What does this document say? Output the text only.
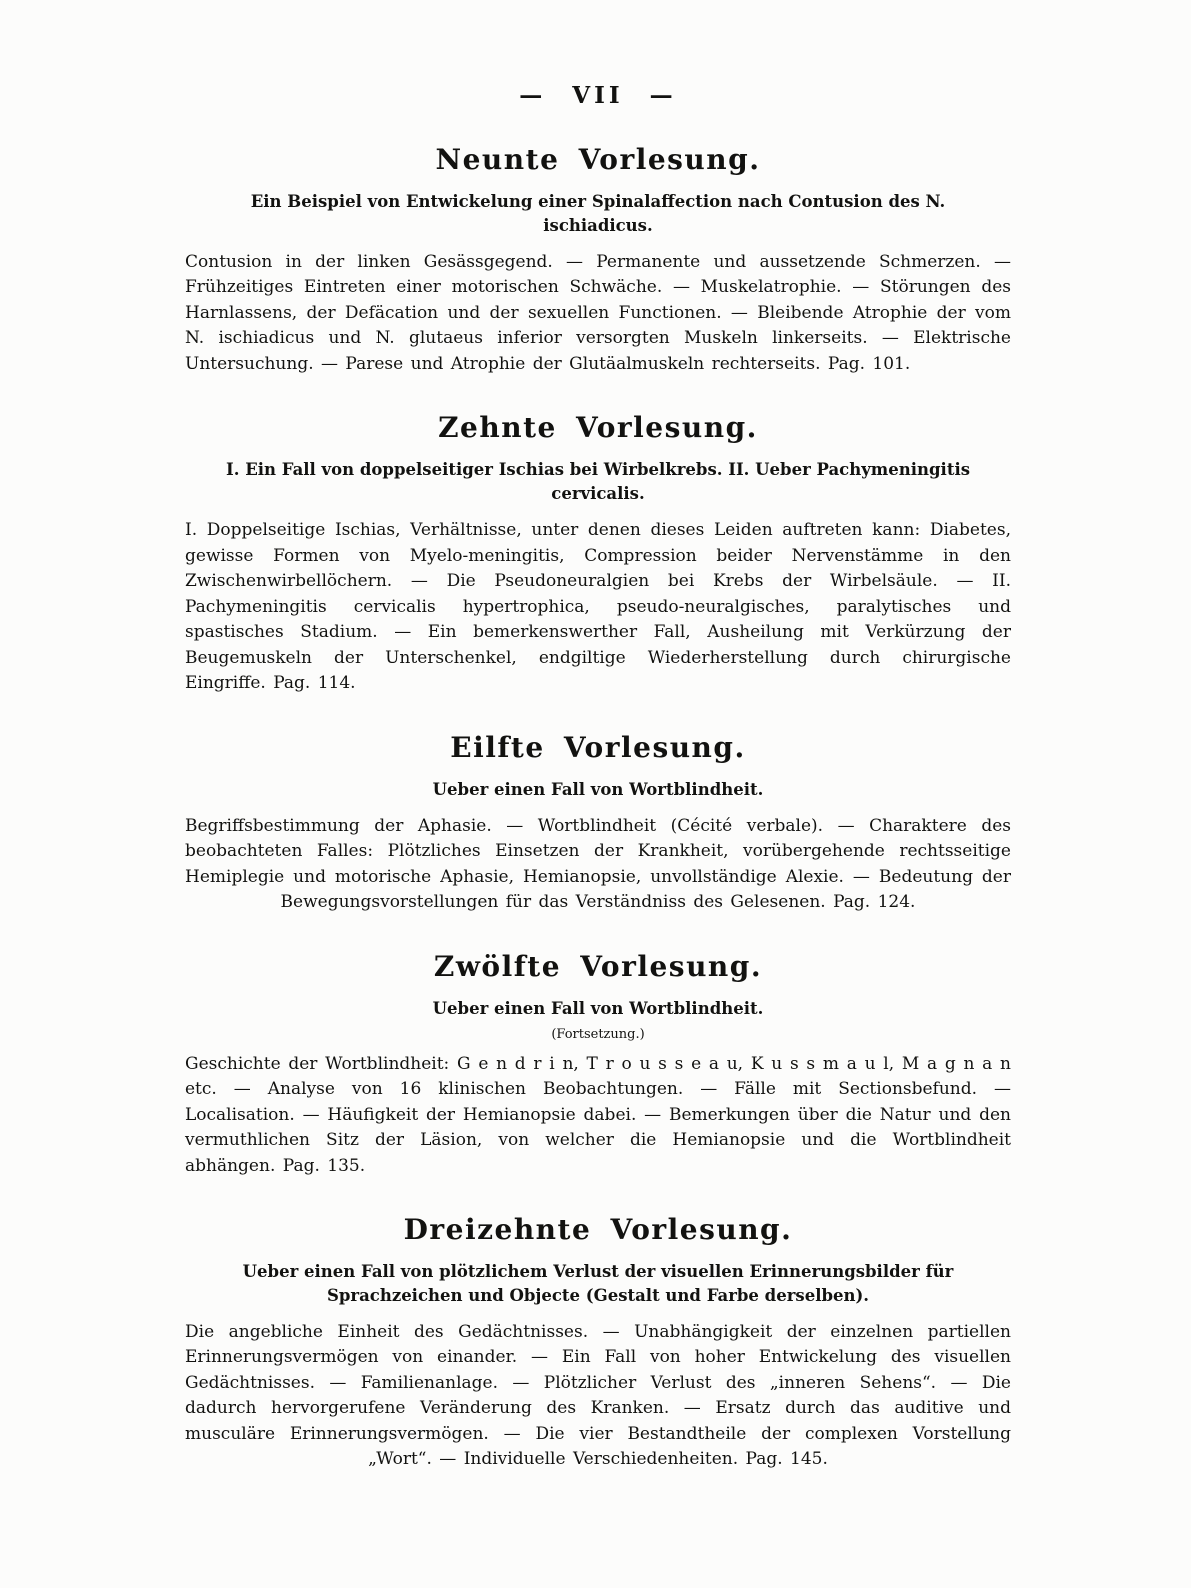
— VII —

Neunte Vorlesung.

Ein Beispiel von Entwickelung einer Spinalaffection nach Contusion des N. ischiadicus.

Contusion in der linken Gesässgegend. — Permanente und aussetzende Schmerzen. — Frühzeitiges Eintreten einer motorischen Schwäche. — Muskelatrophie. — Störungen des Harnlassens, der Defäcation und der sexuellen Functionen. — Bleibende Atrophie der vom N. ischiadicus und N. glutaeus inferior versorgten Muskeln linkerseits. — Elektrische Untersuchung. — Parese und Atrophie der Glutäalmuskeln rechterseits. Pag. 101.

Zehnte Vorlesung.

I. Ein Fall von doppelseitiger Ischias bei Wirbelkrebs. II. Ueber Pachymeningitis cervicalis.

I. Doppelseitige Ischias, Verhältnisse, unter denen dieses Leiden auftreten kann: Diabetes, gewisse Formen von Myelo-meningitis, Compression beider Nervenstämme in den Zwischenwirbellöchern. — Die Pseudoneuralgien bei Krebs der Wirbelsäule. — II. Pachymeningitis cervicalis hypertrophica, pseudo-neuralgisches, paralytisches und spastisches Stadium. — Ein bemerkenswerther Fall, Ausheilung mit Verkürzung der Beugemuskeln der Unterschenkel, endgiltige Wiederherstellung durch chirurgische Eingriffe. Pag. 114.

Eilfte Vorlesung.

Ueber einen Fall von Wortblindheit.

Begriffsbestimmung der Aphasie. — Wortblindheit (Cécité verbale). — Charaktere des beobachteten Falles: Plötzliches Einsetzen der Krankheit, vorübergehende rechtsseitige Hemiplegie und motorische Aphasie, Hemianopsie, unvollständige Alexie. — Bedeutung der Bewegungsvorstellungen für das Verständniss des Gelesenen. Pag. 124.

Zwölfte Vorlesung.

Ueber einen Fall von Wortblindheit.

(Fortsetzung.)

Geschichte der Wortblindheit: G e n d r i n, T r o u s s e a u, K u s s m a u l, M a g n a n etc. — Analyse von 16 klinischen Beobachtungen. — Fälle mit Sectionsbefund. — Localisation. — Häufigkeit der Hemianopsie dabei. — Bemerkungen über die Natur und den vermuthlichen Sitz der Läsion, von welcher die Hemianopsie und die Wortblindheit abhängen. Pag. 135.

Dreizehnte Vorlesung.

Ueber einen Fall von plötzlichem Verlust der visuellen Erinnerungsbilder für Sprachzeichen und Objecte (Gestalt und Farbe derselben).

Die angebliche Einheit des Gedächtnisses. — Unabhängigkeit der einzelnen partiellen Erinnerungsvermögen von einander. — Ein Fall von hoher Entwickelung des visuellen Gedächtnisses. — Familienanlage. — Plötzlicher Verlust des „inneren Sehens“. — Die dadurch hervorgerufene Veränderung des Kranken. — Ersatz durch das auditive und musculäre Erinnerungsvermögen. — Die vier Bestandtheile der complexen Vorstellung „Wort“. — Individuelle Verschiedenheiten. Pag. 145.
